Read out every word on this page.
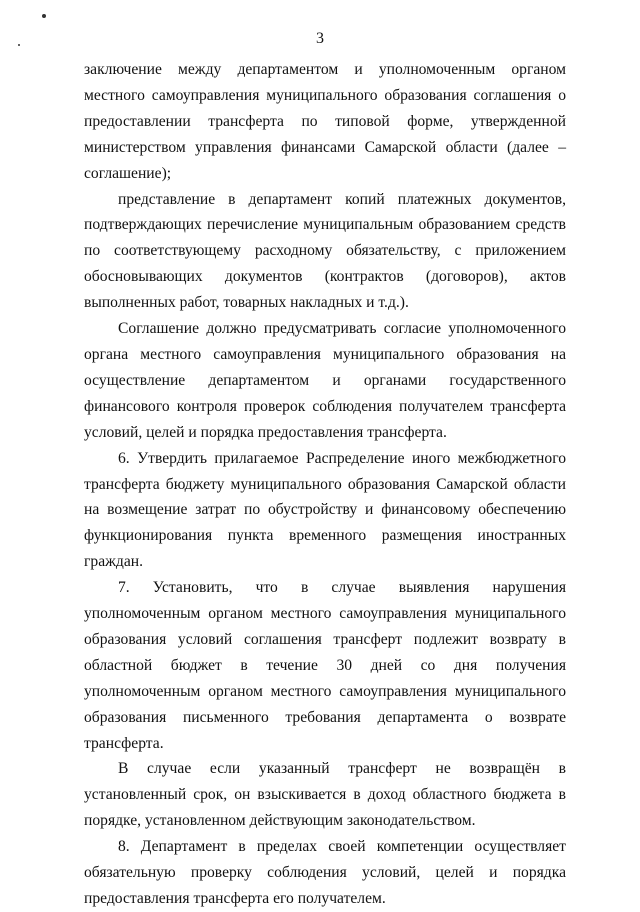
3

заключение между департаментом и уполномоченным органом местного самоуправления муниципального образования соглашения о предоставлении трансферта по типовой форме, утвержденной министерством управления финансами Самарской области (далее – соглашение);

представление в департамент копий платежных документов, подтверждающих перечисление муниципальным образованием средств по соответствующему расходному обязательству, с приложением обосновывающих документов (контрактов (договоров), актов выполненных работ, товарных накладных и т.д.).

Соглашение должно предусматривать согласие уполномоченного органа местного самоуправления муниципального образования на осуществление департаментом и органами государственного финансового контроля проверок соблюдения получателем трансферта условий, целей и порядка предоставления трансферта.

6. Утвердить прилагаемое Распределение иного межбюджетного трансферта бюджету муниципального образования Самарской области на возмещение затрат по обустройству и финансовому обеспечению функционирования пункта временного размещения иностранных граждан.

7. Установить, что в случае выявления нарушения уполномоченным органом местного самоуправления муниципального образования условий соглашения трансферт подлежит возврату в областной бюджет в течение 30 дней со дня получения уполномоченным органом местного самоуправления муниципального образования письменного требования департамента о возврате трансферта.

В случае если указанный трансферт не возвращён в установленный срок, он взыскивается в доход областного бюджета в порядке, установленном действующим законодательством.

8. Департамент в пределах своей компетенции осуществляет обязательную проверку соблюдения условий, целей и порядка предоставления трансферта его получателем.
